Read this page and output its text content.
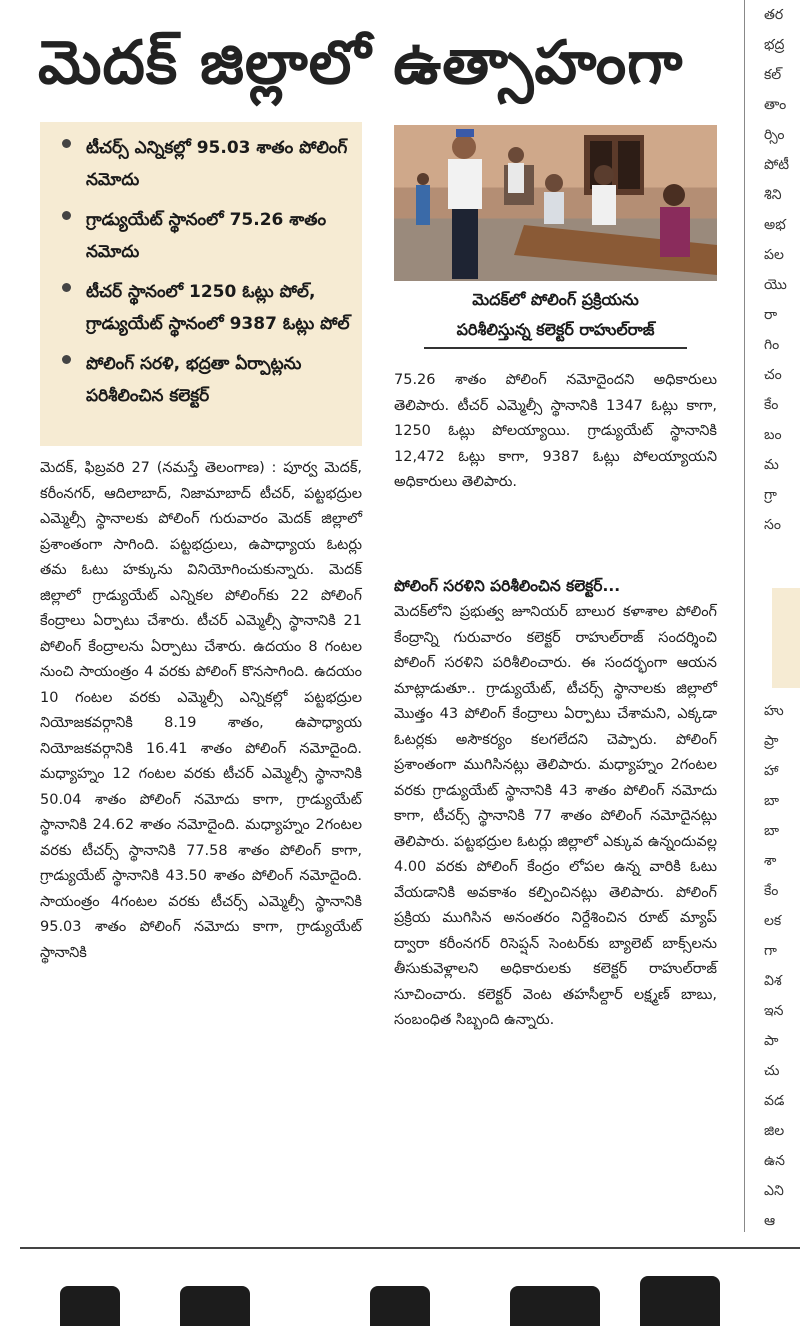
మెదక్ జిల్లాలో ఉత్సాహంగా
టీచర్స్ ఎన్నికల్లో 95.03 శాతం పోలింగ్ నమోదు
గ్రాడ్యుయేట్ స్థానంలో 75.26 శాతం నమోదు
టీచర్ స్థానంలో 1250 ఓట్లు పోల్, గ్రాడ్యుయేట్ స్థానంలో 9387 ఓట్లు పోల్
పోలింగ్ సరళి, భద్రతా ఏర్పాట్లను పరిశీలించిన కలెక్టర్
మెదక్‌లో పోలింగ్ ప్రక్రియను
పరిశీలిస్తున్న కలెక్టర్ రాహుల్‌రాజ్
మెదక్, ఫిబ్రవరి 27 (నమస్తే తెలంగాణ) : పూర్వ మెదక్, కరీంనగర్, ఆదిలాబాద్, నిజామాబాద్ టీచర్, పట్టభద్రుల ఎమ్మెల్సీ స్థానాలకు పోలింగ్ గురువారం మెదక్ జిల్లాలో ప్రశాంతంగా సాగింది. పట్టభద్రులు, ఉపాధ్యాయ ఓటర్లు తమ ఓటు హక్కును వినియోగించుకున్నారు. మెదక్ జిల్లాలో గ్రాడ్యుయేట్ ఎన్నికల పోలింగ్‌కు 22 పోలింగ్ కేంద్రాలు ఏర్పాటు చేశారు. టీచర్ ఎమ్మెల్సీ స్థానానికి 21 పోలింగ్ కేంద్రాలను ఏర్పాటు చేశారు. ఉదయం 8 గంటల నుంచి సాయంత్రం 4 వరకు పోలింగ్ కొనసాగింది. ఉదయం 10 గంటల వరకు ఎమ్మెల్సీ ఎన్నికల్లో పట్టభద్రుల నియోజకవర్గానికి 8.19 శాతం, ఉపాధ్యాయ నియోజకవర్గానికి 16.41 శాతం పోలింగ్ నమోదైంది. మధ్యాహ్నం 12 గంటల వరకు టీచర్ ఎమ్మెల్సీ స్థానానికి 50.04 శాతం పోలింగ్ నమోదు కాగా, గ్రాడ్యుయేట్ స్థానానికి 24.62 శాతం నమోదైంది. మధ్యాహ్నం 2గంటల వరకు టీచర్స్ స్థానానికి 77.58 శాతం పోలింగ్ కాగా, గ్రాడ్యుయేట్ స్థానానికి 43.50 శాతం పోలింగ్ నమోదైంది. సాయంత్రం 4గంటల వరకు టీచర్స్ ఎమ్మెల్సీ స్థానానికి 95.03 శాతం పోలింగ్ నమోదు కాగా, గ్రాడ్యుయేట్ స్థానానికి
75.26 శాతం పోలింగ్ నమోదైందని అధికారులు తెలిపారు. టీచర్ ఎమ్మెల్సీ స్థానానికి 1347 ఓట్లు కాగా, 1250 ఓట్లు పోలయ్యాయి. గ్రాడ్యుయేట్ స్థానానికి 12,472 ఓట్లు కాగా, 9387 ఓట్లు పోలయ్యాయని అధికారులు తెలిపారు.
పోలింగ్ సరళిని పరిశీలించిన కలెక్టర్...
మెదక్‌లోని ప్రభుత్వ జూనియర్ బాలుర కళాశాల పోలింగ్ కేంద్రాన్ని గురువారం కలెక్టర్ రాహుల్‌రాజ్ సందర్శించి పోలింగ్ సరళిని పరిశీలించారు. ఈ సందర్భంగా ఆయన మాట్లాడుతూ.. గ్రాడ్యుయేట్, టీచర్స్ స్థానాలకు జిల్లాలో మొత్తం 43 పోలింగ్ కేంద్రాలు ఏర్పాటు చేశామని, ఎక్కడా ఓటర్లకు అసౌకర్యం కలగలేదని చెప్పారు. పోలింగ్ ప్రశాంతంగా ముగిసినట్లు తెలిపారు. మధ్యాహ్నం 2గంటల వరకు గ్రాడ్యుయేట్ స్థానానికి 43 శాతం పోలింగ్ నమోదు కాగా, టీచర్స్ స్థానానికి 77 శాతం పోలింగ్ నమోదైనట్లు తెలిపారు. పట్టభద్రుల ఓటర్లు జిల్లాలో ఎక్కువ ఉన్నందువల్ల 4.00 వరకు పోలింగ్ కేంద్రం లోపల ఉన్న వారికి ఓటు వేయడానికి అవకాశం కల్పించినట్లు తెలిపారు. పోలింగ్ ప్రక్రియ ముగిసిన అనంతరం నిర్దేశించిన రూట్ మ్యాప్ ద్వారా కరీంనగర్ రిసెప్షన్ సెంటర్‌కు బ్యాలెట్ బాక్స్‌లను తీసుకువెళ్లాలని అధికారులకు కలెక్టర్ రాహుల్‌రాజ్ సూచించారు. కలెక్టర్ వెంట తహసీల్దార్ లక్ష్మణ్ బాబు, సంబంధిత సిబ్బంది ఉన్నారు.
తర
భద్ర
కల్
తాం
ర్సిం
పోటీ
శిని
అభ
పల
యొ
రా
గిం
చం
కేం
బం
మ
గ్రా
సం
హు
ప్రా
హా
బా
బా
శా
కేం
లక
గా
విశ
ఇన
పా
చు
వడ
జిల
ఉన
ఎని
ఆ
